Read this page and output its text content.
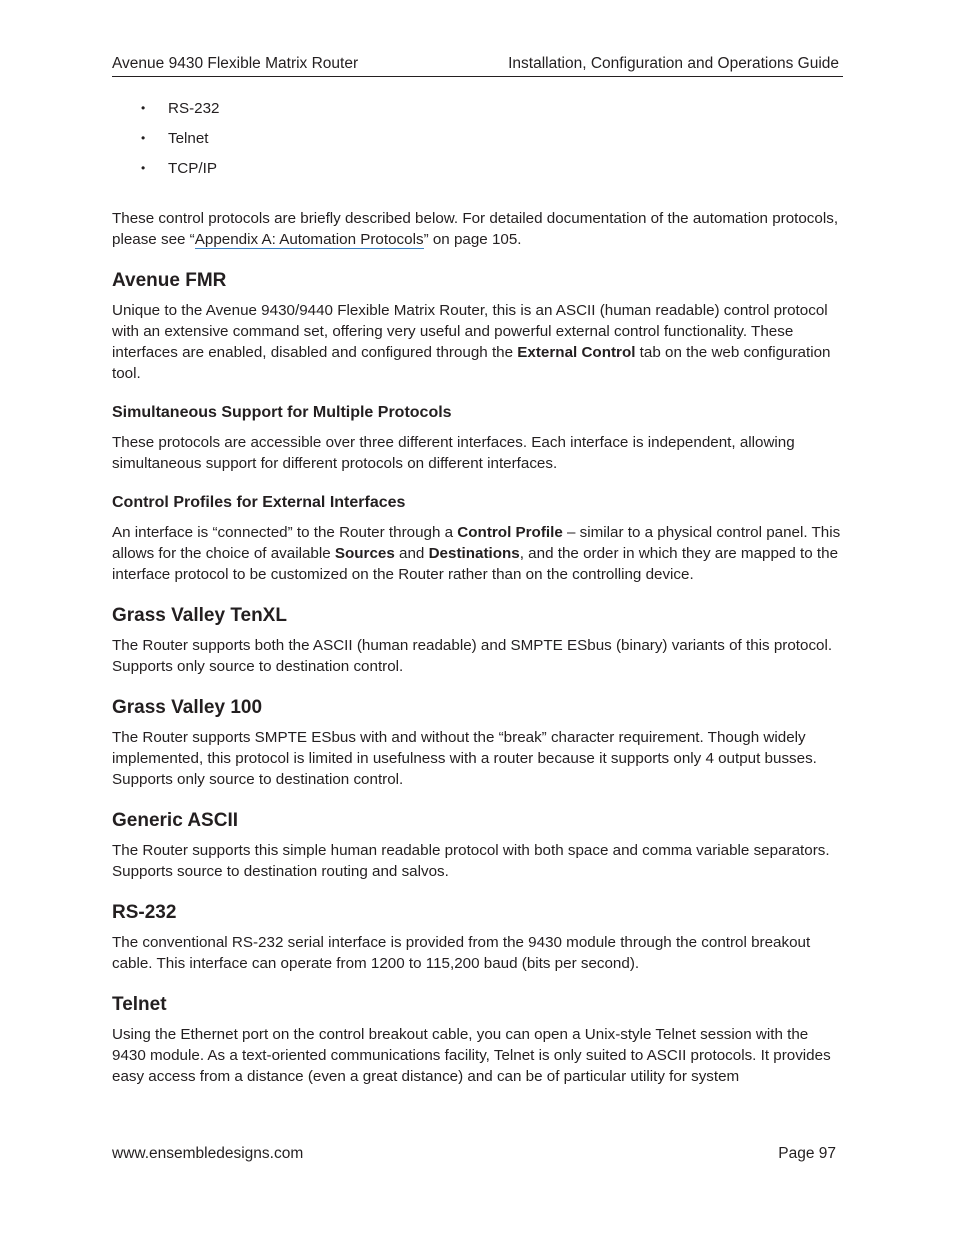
Avenue 9430 Flexible Matrix Router	Installation, Configuration and Operations Guide
• RS-232
• Telnet
• TCP/IP

These control protocols are briefly described below. For detailed documentation of the automation protocols, please see “Appendix A: Automation Protocols” on page 105.

Avenue FMR

Unique to the Avenue 9430/9440 Flexible Matrix Router, this is an ASCII (human readable) control protocol with an extensive command set, offering very useful and powerful external control functionality. These interfaces are enabled, disabled and configured through the External Control tab on the web configuration tool.

Simultaneous Support for Multiple Protocols

These protocols are accessible over three different interfaces. Each interface is independent, allowing simultaneous support for different protocols on different interfaces.

Control Profiles for External Interfaces

An interface is “connected” to the Router through a Control Profile – similar to a physical control panel. This allows for the choice of available Sources and Destinations, and the order in which they are mapped to the interface protocol to be customized on the Router rather than on the controlling device.

Grass Valley TenXL

The Router supports both the ASCII (human readable) and SMPTE ESbus (binary) variants of this protocol. Supports only source to destination control.

Grass Valley 100

The Router supports SMPTE ESbus with and without the “break” character requirement. Though widely implemented, this protocol is limited in usefulness with a router because it supports only 4 output busses. Supports only source to destination control.

Generic ASCII

The Router supports this simple human readable protocol with both space and comma variable separators. Supports source to destination routing and salvos.

RS-232

The conventional RS-232 serial interface is provided from the 9430 module through the control breakout cable. This interface can operate from 1200 to 115,200 baud (bits per second).

Telnet

Using the Ethernet port on the control breakout cable, you can open a Unix-style Telnet session with the 9430 module. As a text-oriented communications facility, Telnet is only suited to ASCII protocols. It provides easy access from a distance (even a great distance) and can be of particular utility for system

www.ensembledesigns.com	Page 97
